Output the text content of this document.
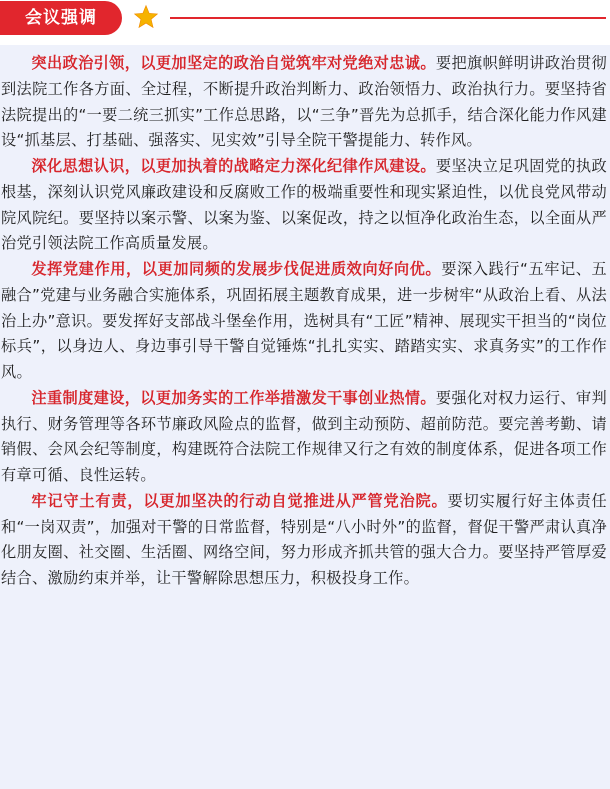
会议强调

突出政治引领，以更加坚定的政治自觉筑牢对党绝对忠诚。要把旗帜鲜明讲政治贯彻到法院工作各方面、全过程，不断提升政治判断力、政治领悟力、政治执行力。要坚持省法院提出的“一要二统三抓实”工作总思路，以“三争”晋先为总抓手，结合深化能力作风建设“抓基层、打基础、强落实、见实效”引导全院干警提能力、转作风。

深化思想认识，以更加执着的战略定力深化纪律作风建设。要坚决立足巩固党的执政根基，深刻认识党风廉政建设和反腐败工作的极端重要性和现实紧迫性，以优良党风带动院风院纪。要坚持以案示警、以案为鉴、以案促改，持之以恒净化政治生态，以全面从严治党引领法院工作高质量发展。

发挥党建作用，以更加同频的发展步伐促进质效向好向优。要深入践行“五牢记、五融合”党建与业务融合实施体系，巩固拓展主题教育成果，进一步树牢“从政治上看、从法治上办”意识。要发挥好支部战斗堡垒作用，选树具有“工匠”精神、展现实干担当的“岗位标兵”，以身边人、身边事引导干警自觉锤炼“扎扎实实、踏踏实实、求真务实”的工作作风。

注重制度建设，以更加务实的工作举措激发干事创业热情。要强化对权力运行、审判执行、财务管理等各环节廉政风险点的监督，做到主动预防、超前防范。要完善考勤、请销假、会风会纪等制度，构建既符合法院工作规律又行之有效的制度体系，促进各项工作有章可循、良性运转。

牢记守土有责，以更加坚决的行动自觉推进从严管党治院。要切实履行好主体责任和“一岗双责”，加强对干警的日常监督，特别是“八小时外”的监督，督促干警严肃认真净化朋友圈、社交圈、生活圈、网络空间，努力形成齐抓共管的强大合力。要坚持严管厚爱结合、激励约束并举，让干警解除思想压力，积极投身工作。
